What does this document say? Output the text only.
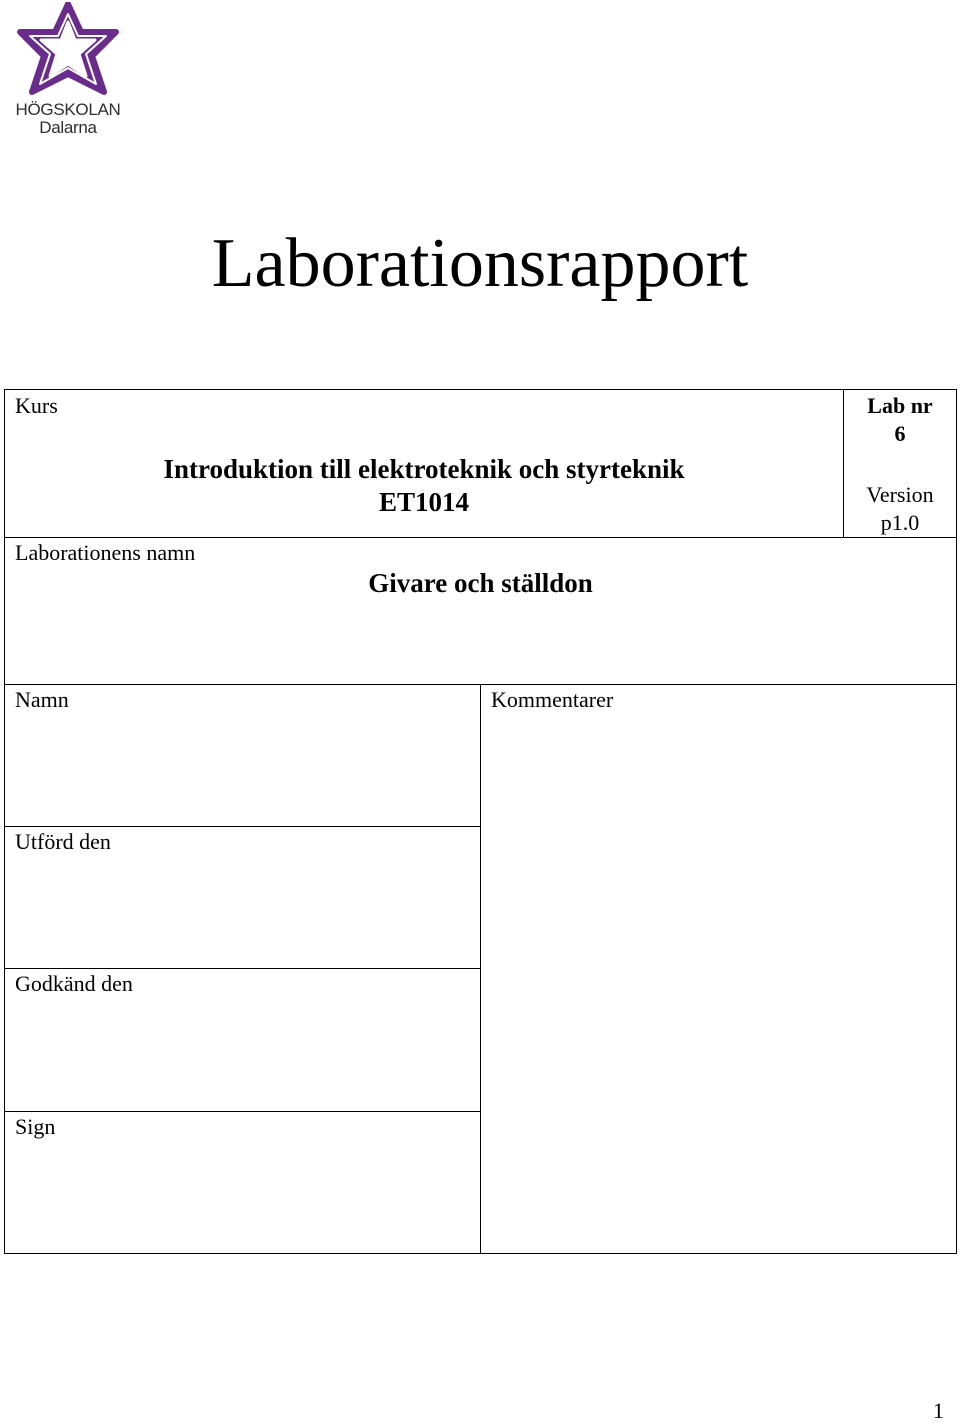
HÖGSKOLAN
Dalarna
Laborationsrapport
Kurs
Introduktion till elektroteknik och styrteknik
ET1014
Lab nr
6
Version
p1.0
Laborationens namn
Givare och ställdon
Namn	Kommentarer
Utförd den
Godkänd den
Sign
1
